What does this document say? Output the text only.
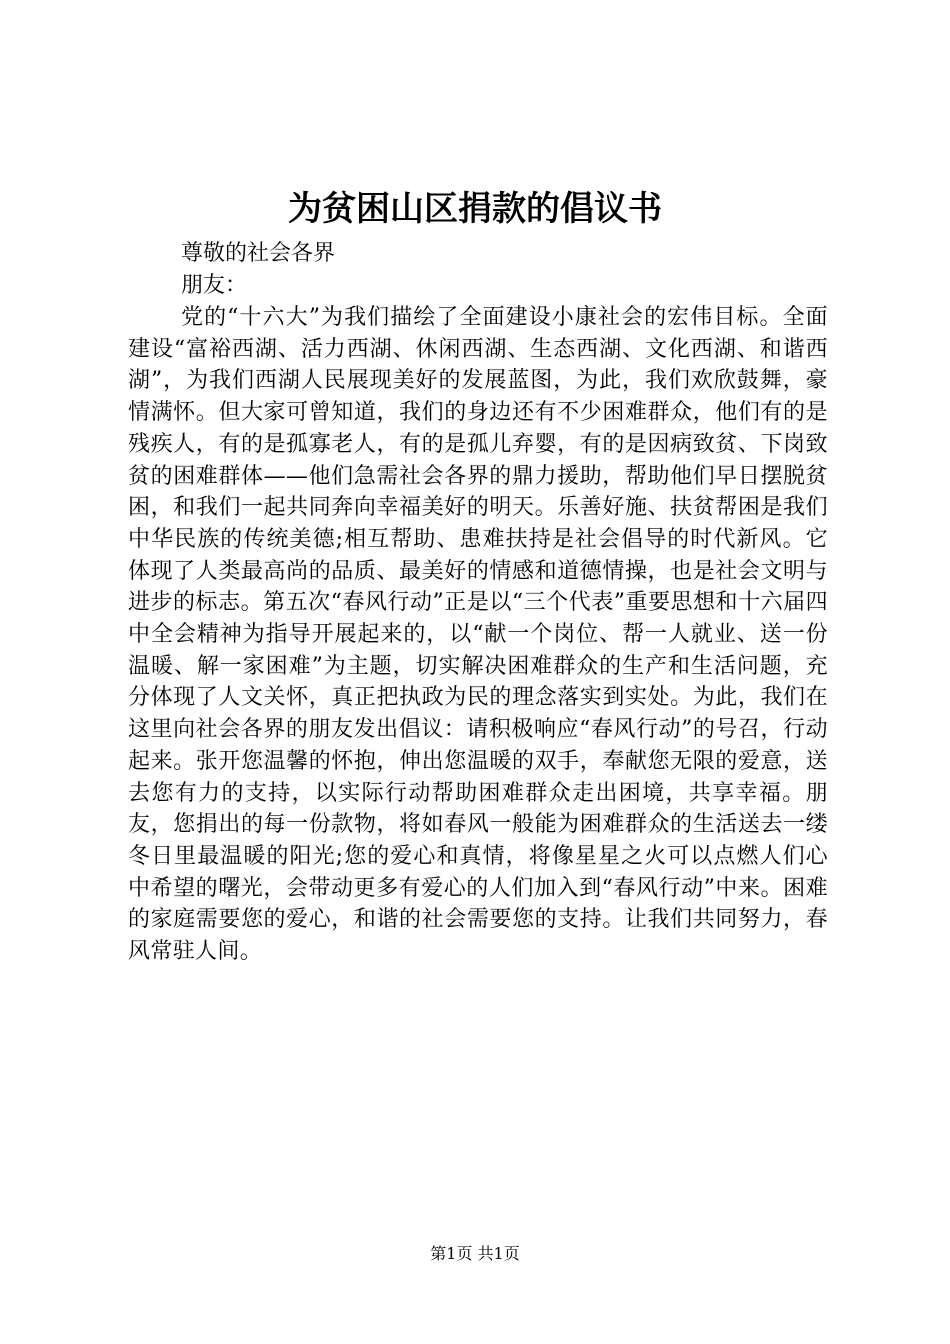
为贫困山区捐款的倡议书

尊敬的社会各界

朋友：

党的“十六大”为我们描绘了全面建设小康社会的宏伟目标。全面建设“富裕西湖、活力西湖、休闲西湖、生态西湖、文化西湖、和谐西湖”，为我们西湖人民展现美好的发展蓝图，为此，我们欢欣鼓舞，豪情满怀。但大家可曾知道，我们的身边还有不少困难群众，他们有的是残疾人，有的是孤寡老人，有的是孤儿弃婴，有的是因病致贫、下岗致贫的困难群体——他们急需社会各界的鼎力援助，帮助他们早日摆脱贫困，和我们一起共同奔向幸福美好的明天。乐善好施、扶贫帮困是我们中华民族的传统美德;相互帮助、患难扶持是社会倡导的时代新风。它体现了人类最高尚的品质、最美好的情感和道德情操，也是社会文明与进步的标志。第五次“春风行动”正是以“三个代表”重要思想和十六届四中全会精神为指导开展起来的，以“献一个岗位、帮一人就业、送一份温暖、解一家困难”为主题，切实解决困难群众的生产和生活问题，充分体现了人文关怀，真正把执政为民的理念落实到实处。为此，我们在这里向社会各界的朋友发出倡议：请积极响应“春风行动”的号召，行动起来。张开您温馨的怀抱，伸出您温暖的双手，奉献您无限的爱意，送去您有力的支持，以实际行动帮助困难群众走出困境，共享幸福。朋友，您捐出的每一份款物，将如春风一般能为困难群众的生活送去一缕冬日里最温暖的阳光;您的爱心和真情，将像星星之火可以点燃人们心中希望的曙光，会带动更多有爱心的人们加入到“春风行动”中来。困难的家庭需要您的爱心，和谐的社会需要您的支持。让我们共同努力，春风常驻人间。

第1页 共1页
